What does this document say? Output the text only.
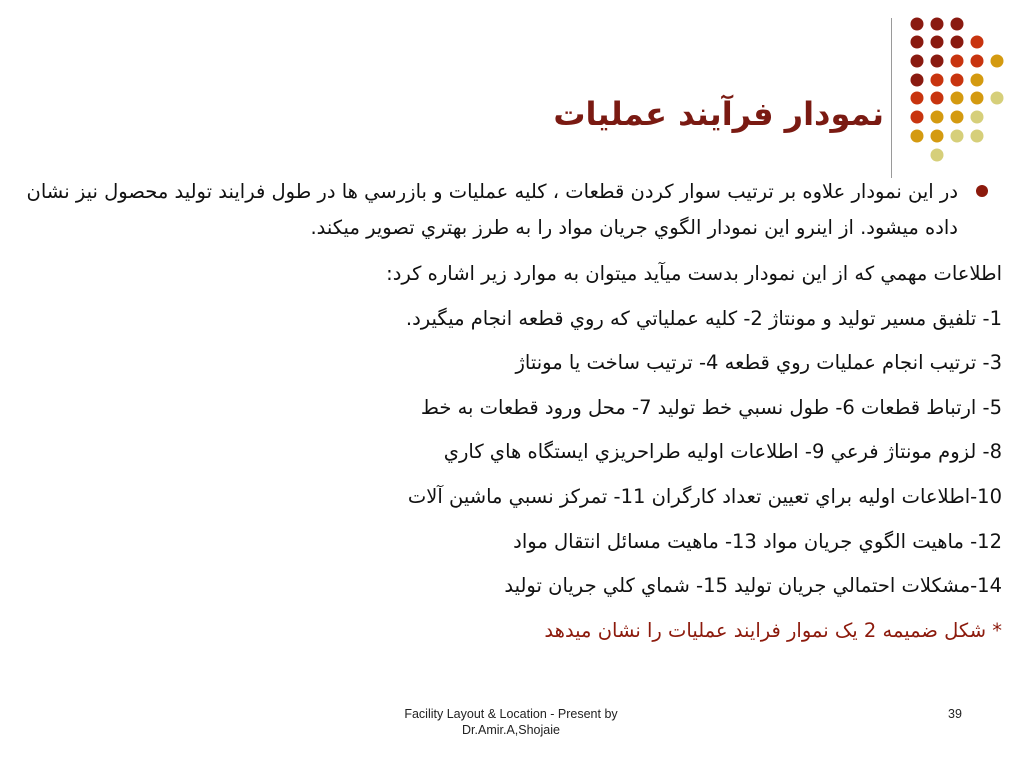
نمودار فرآیند عملیات
در اين نمودار علاوه بر ترتيب سوار كردن قطعات ، كليه عمليات و بازرسي ها در طول فرايند توليد محصول نيز نشان داده ميشود. از اينرو اين نمودار الگوي جريان مواد را به طرز بهتري تصوير ميكند.
اطلاعات مهمي كه از اين نمودار بدست ميآيد ميتوان به موارد زير اشاره كرد:
1- تلفيق مسير توليد و مونتاژ 2- كليه عملياتي كه روي قطعه انجام ميگيرد.
3- ترتيب انجام عمليات روي قطعه 4- ترتيب ساخت يا مونتاژ
5- ارتباط قطعات 6- طول نسبي خط توليد 7- محل ورود قطعات به خط
8- لزوم مونتاژ فرعي 9- اطلاعات اوليه طراحريزي ايستگاه هاي كاري
10-اطلاعات اوليه براي تعيين تعداد كارگران 11- تمركز نسبي ماشين آلات
12- ماهيت الگوي جريان مواد 13- ماهيت مسائل انتقال مواد
14-مشكلات احتمالي جريان توليد 15- شماي كلي جريان توليد
* شکل ضمیمه 2 یک نموار فرایند عملیات را نشان میدهد
Facility Layout & Location - Present by
Dr.Amir.A,Shojaie
39
